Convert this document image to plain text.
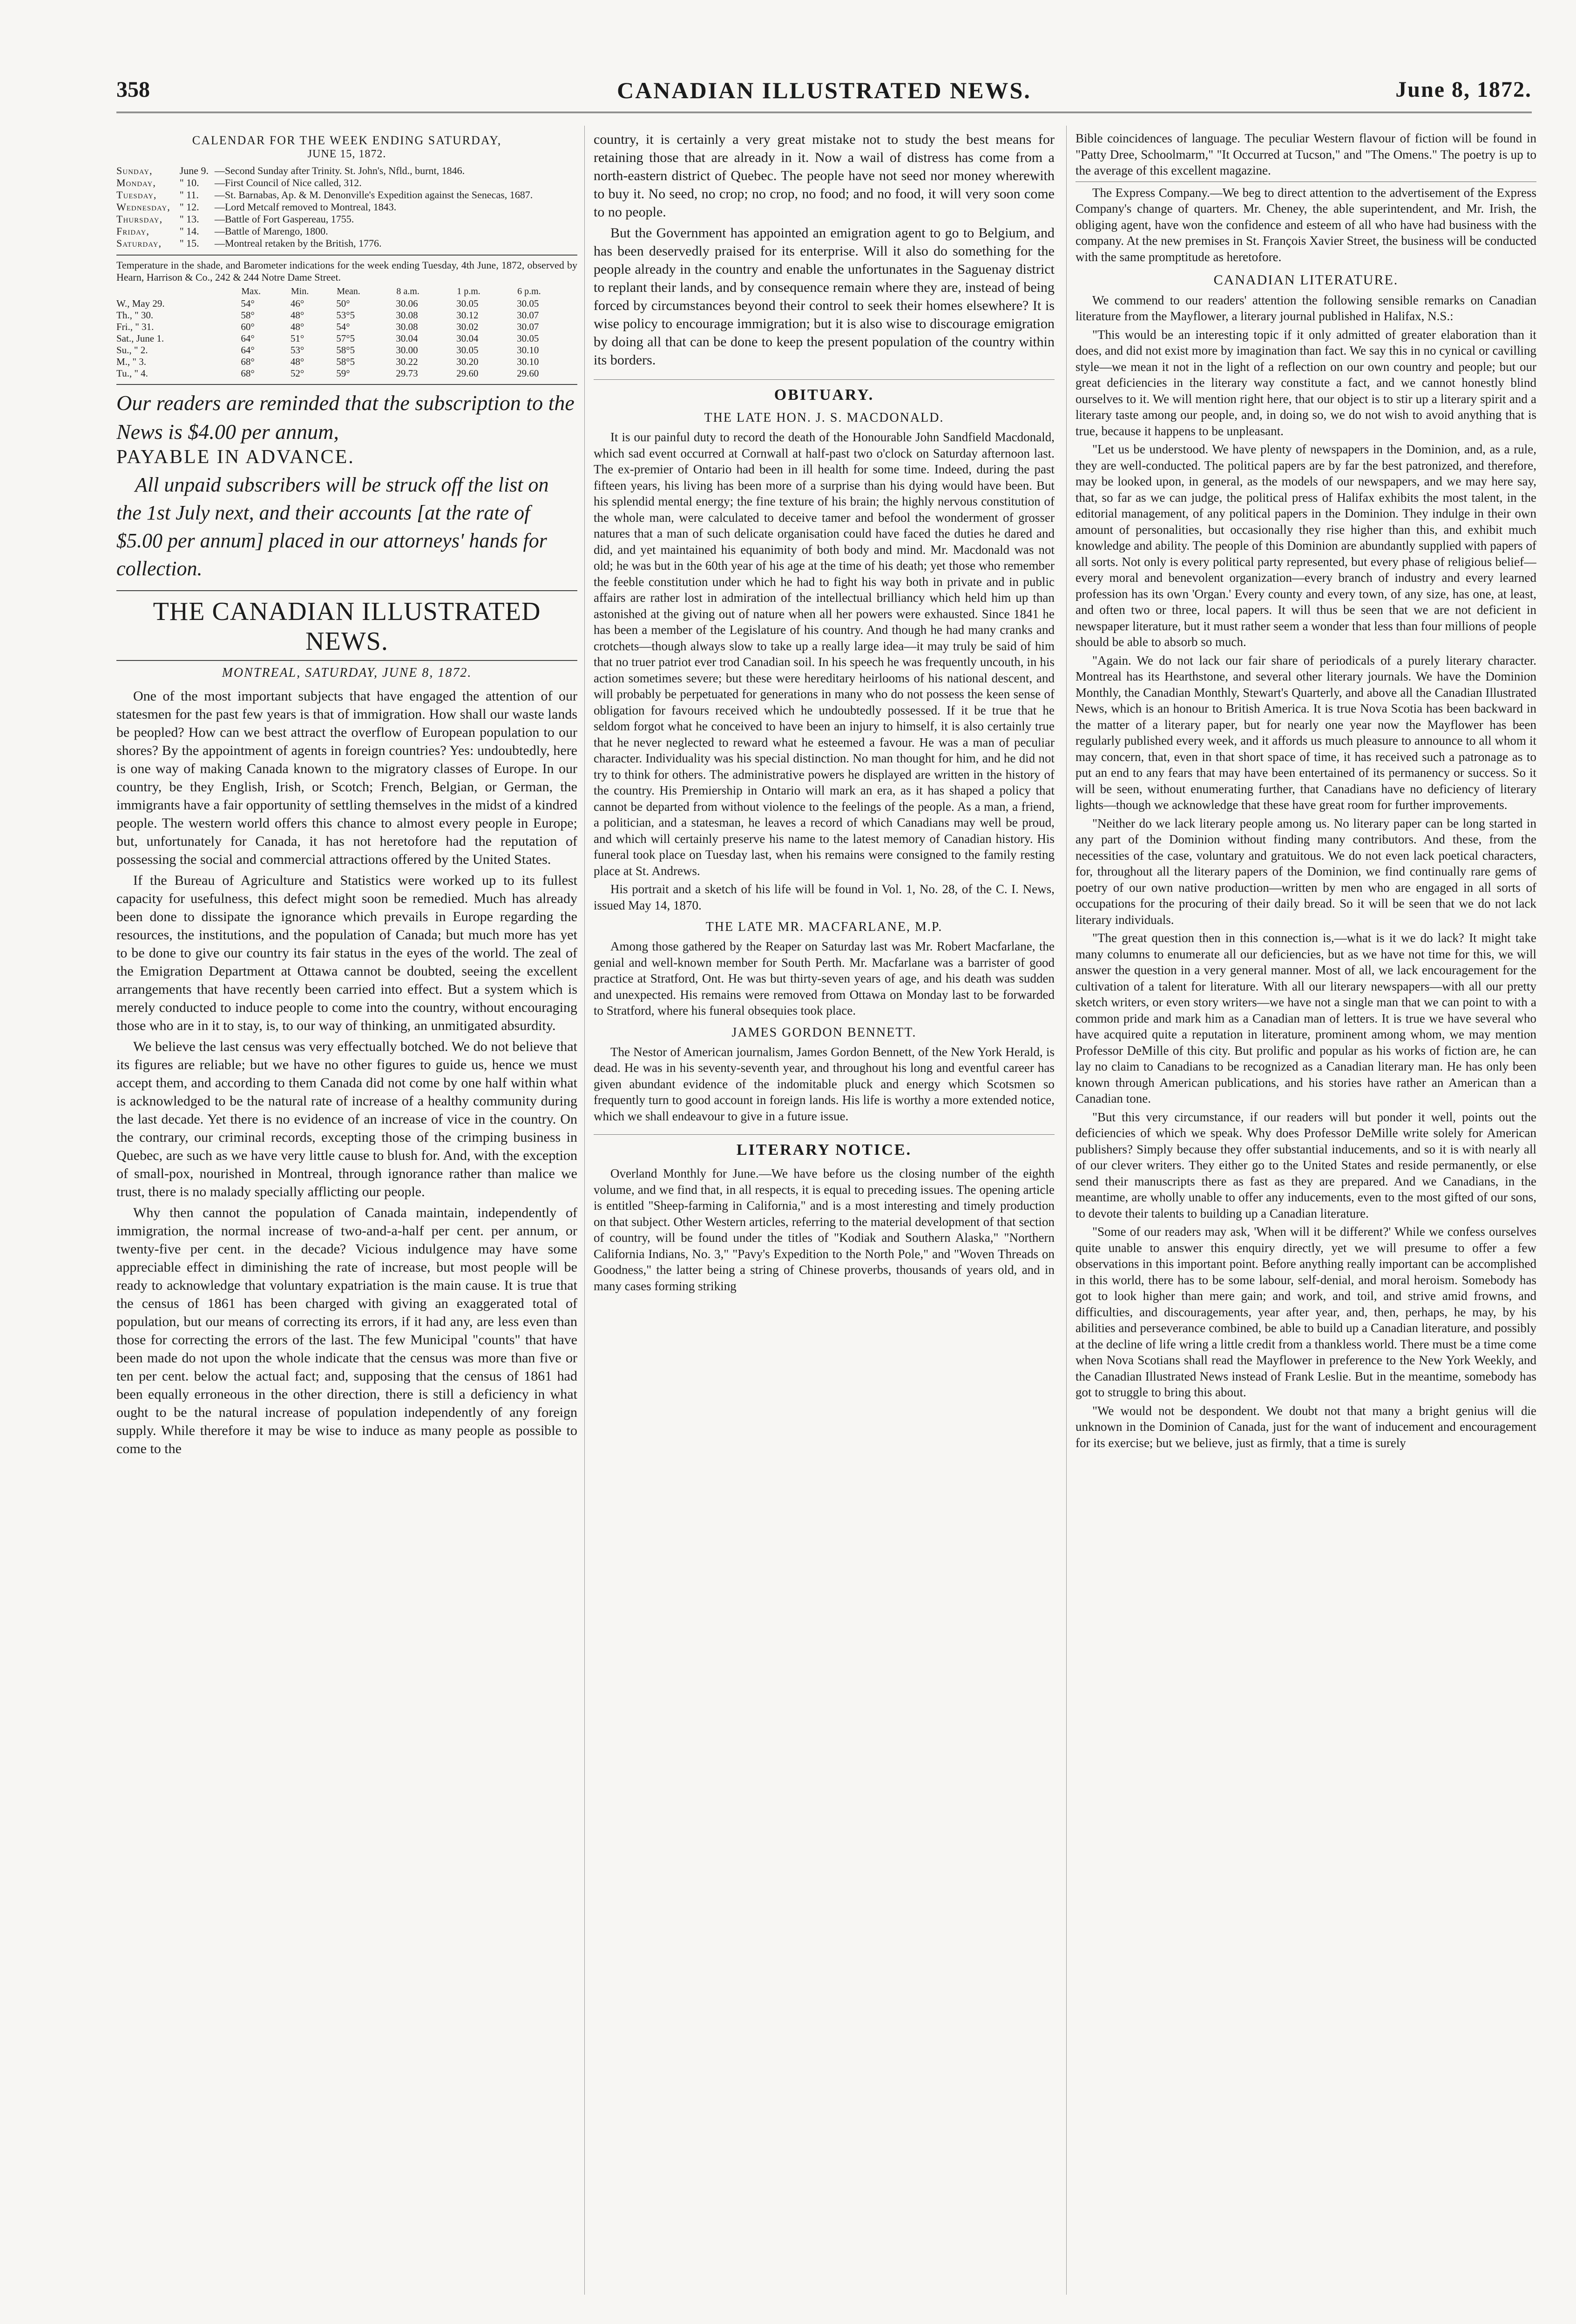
358	CANADIAN ILLUSTRATED NEWS.	June 8, 1872.
CALENDAR FOR THE WEEK ENDING SATURDAY,
JUNE 15, 1872.
Sunday,	June 9.	—Second Sunday after Trinity. St. John's, Nfld., burnt, 1846.
Monday,	" 10.	—First Council of Nice called, 312.
Tuesday,	" 11.	—St. Barnabas, Ap. & M. Denonville's Expedition against the Senecas, 1687.
Wednesday,	" 12.	—Lord Metcalf removed to Montreal, 1843.
Thursday,	" 13.	—Battle of Fort Gaspereau, 1755.
Friday,	" 14.	—Battle of Marengo, 1800.
Saturday,	" 15.	—Montreal retaken by the British, 1776.

Temperature in the shade, and Barometer indications for the week ending Tuesday, 4th June, 1872, observed by Hearn, Harrison & Co., 242 & 244 Notre Dame Street.

	Max.	Min.	Mean.	8 a.m.	1 p.m.	6 p.m.
W., May 29.	54°	46°	50°	30.06	30.05	30.05
Th., " 30.	58°	48°	53°5	30.08	30.12	30.07
Fri., " 31.	60°	48°	54°	30.08	30.02	30.07
Sat., June 1.	64°	51°	57°5	30.04	30.04	30.05
Su., " 2.	64°	53°	58°5	30.00	30.05	30.10
M., " 3.	68°	48°	58°5	30.22	30.20	30.10
Tu., " 4.	68°	52°	59°	29.73	29.60	29.60

Our readers are reminded that the subscription to the News is $4.00 per annum,

PAYABLE IN ADVANCE.

All unpaid subscribers will be struck off the list on the 1st July next, and their accounts [at the rate of $5.00 per annum] placed in our attorneys' hands for collection.

THE CANADIAN ILLUSTRATED NEWS.
MONTREAL, SATURDAY, JUNE 8, 1872.

One of the most important subjects that have engaged the attention of our statesmen for the past few years is that of immigration. How shall our waste lands be peopled? How can we best attract the overflow of European population to our shores? By the appointment of agents in foreign countries? Yes: undoubtedly, here is one way of making Canada known to the migratory classes of Europe. In our country, be they English, Irish, or Scotch; French, Belgian, or German, the immigrants have a fair opportunity of settling themselves in the midst of a kindred people. The western world offers this chance to almost every people in Europe; but, unfortunately for Canada, it has not heretofore had the reputation of possessing the social and commercial attractions offered by the United States.

If the Bureau of Agriculture and Statistics were worked up to its fullest capacity for usefulness, this defect might soon be remedied. Much has already been done to dissipate the ignorance which prevails in Europe regarding the resources, the institutions, and the population of Canada; but much more has yet to be done to give our country its fair status in the eyes of the world. The zeal of the Emigration Department at Ottawa cannot be doubted, seeing the excellent arrangements that have recently been carried into effect. But a system which is merely conducted to induce people to come into the country, without encouraging those who are in it to stay, is, to our way of thinking, an unmitigated absurdity.

We believe the last census was very effectually botched. We do not believe that its figures are reliable; but we have no other figures to guide us, hence we must accept them, and according to them Canada did not come by one half within what is acknowledged to be the natural rate of increase of a healthy community during the last decade. Yet there is no evidence of an increase of vice in the country. On the contrary, our criminal records, excepting those of the crimping business in Quebec, are such as we have very little cause to blush for. And, with the exception of small-pox, nourished in Montreal, through ignorance rather than malice we trust, there is no malady specially afflicting our people.

Why then cannot the population of Canada maintain, independently of immigration, the normal increase of two-and-a-half per cent. per annum, or twenty-five per cent. in the decade? Vicious indulgence may have some appreciable effect in diminishing the rate of increase, but most people will be ready to acknowledge that voluntary expatriation is the main cause. It is true that the census of 1861 has been charged with giving an exaggerated total of population, but our means of correcting its errors, if it had any, are less even than those for correcting the errors of the last. The few Municipal "counts" that have been made do not upon the whole indicate that the census was more than five or ten per cent. below the actual fact; and, supposing that the census of 1861 had been equally erroneous in the other direction, there is still a deficiency in what ought to be the natural increase of population independently of any foreign supply. While therefore it may be wise to induce as many people as possible to come to the

country, it is certainly a very great mistake not to study the best means for retaining those that are already in it. Now a wail of distress has come from a north-eastern district of Quebec. The people have not seed nor money wherewith to buy it. No seed, no crop; no crop, no food; and no food, it will very soon come to no people.

But the Government has appointed an emigration agent to go to Belgium, and has been deservedly praised for its enterprise. Will it also do something for the people already in the country and enable the unfortunates in the Saguenay district to replant their lands, and by consequence remain where they are, instead of being forced by circumstances beyond their control to seek their homes elsewhere? It is wise policy to encourage immigration; but it is also wise to discourage emigration by doing all that can be done to keep the present population of the country within its borders.

OBITUARY.
THE LATE HON. J. S. MACDONALD.

It is our painful duty to record the death of the Honourable John Sandfield Macdonald, which sad event occurred at Cornwall at half-past two o'clock on Saturday afternoon last. The ex-premier of Ontario had been in ill health for some time. Indeed, during the past fifteen years, his living has been more of a surprise than his dying would have been. But his splendid mental energy; the fine texture of his brain; the highly nervous constitution of the whole man, were calculated to deceive tamer and befool the wonderment of grosser natures that a man of such delicate organisation could have faced the duties he dared and did, and yet maintained his equanimity of both body and mind. Mr. Macdonald was not old; he was but in the 60th year of his age at the time of his death; yet those who remember the feeble constitution under which he had to fight his way both in private and in public affairs are rather lost in admiration of the intellectual brilliancy which held him up than astonished at the giving out of nature when all her powers were exhausted. Since 1841 he has been a member of the Legislature of his country. And though he had many cranks and crotchets—though always slow to take up a really large idea—it may truly be said of him that no truer patriot ever trod Canadian soil. In his speech he was frequently uncouth, in his action sometimes severe; but these were hereditary heirlooms of his national descent, and will probably be perpetuated for generations in many who do not possess the keen sense of obligation for favours received which he undoubtedly possessed. If it be true that he seldom forgot what he conceived to have been an injury to himself, it is also certainly true that he never neglected to reward what he esteemed a favour. He was a man of peculiar character. Individuality was his special distinction. No man thought for him, and he did not try to think for others. The administrative powers he displayed are written in the history of the country. His Premiership in Ontario will mark an era, as it has shaped a policy that cannot be departed from without violence to the feelings of the people. As a man, a friend, a politician, and a statesman, he leaves a record of which Canadians may well be proud, and which will certainly preserve his name to the latest memory of Canadian history. His funeral took place on Tuesday last, when his remains were consigned to the family resting place at St. Andrews.

His portrait and a sketch of his life will be found in Vol. 1, No. 28, of the C. I. News, issued May 14, 1870.

THE LATE MR. MACFARLANE, M.P.

Among those gathered by the Reaper on Saturday last was Mr. Robert Macfarlane, the genial and well-known member for South Perth. Mr. Macfarlane was a barrister of good practice at Stratford, Ont. He was but thirty-seven years of age, and his death was sudden and unexpected. His remains were removed from Ottawa on Monday last to be forwarded to Stratford, where his funeral obsequies took place.

JAMES GORDON BENNETT.

The Nestor of American journalism, James Gordon Bennett, of the New York Herald, is dead. He was in his seventy-seventh year, and throughout his long and eventful career has given abundant evidence of the indomitable pluck and energy which Scotsmen so frequently turn to good account in foreign lands. His life is worthy a more extended notice, which we shall endeavour to give in a future issue.

LITERARY NOTICE.

Overland Monthly for June.—We have before us the closing number of the eighth volume, and we find that, in all respects, it is equal to preceding issues. The opening article is entitled "Sheep-farming in California," and is a most interesting and timely production on that subject. Other Western articles, referring to the material development of that section of country, will be found under the titles of "Kodiak and Southern Alaska," "Northern California Indians, No. 3," "Pavy's Expedition to the North Pole," and "Woven Threads on Goodness," the latter being a string of Chinese proverbs, thousands of years old, and in many cases forming striking

Bible coincidences of language. The peculiar Western flavour of fiction will be found in "Patty Dree, Schoolmarm," "It Occurred at Tucson," and "The Omens." The poetry is up to the average of this excellent magazine.

The Express Company.—We beg to direct attention to the advertisement of the Express Company's change of quarters. Mr. Cheney, the able superintendent, and Mr. Irish, the obliging agent, have won the confidence and esteem of all who have had business with the company. At the new premises in St. François Xavier Street, the business will be conducted with the same promptitude as heretofore.

CANADIAN LITERATURE.

We commend to our readers' attention the following sensible remarks on Canadian literature from the Mayflower, a literary journal published in Halifax, N.S.:

"This would be an interesting topic if it only admitted of greater elaboration than it does, and did not exist more by imagination than fact. We say this in no cynical or cavilling style—we mean it not in the light of a reflection on our own country and people; but our great deficiencies in the literary way constitute a fact, and we cannot honestly blind ourselves to it. We will mention right here, that our object is to stir up a literary spirit and a literary taste among our people, and, in doing so, we do not wish to avoid anything that is true, because it happens to be unpleasant.

"Let us be understood. We have plenty of newspapers in the Dominion, and, as a rule, they are well-conducted. The political papers are by far the best patronized, and therefore, may be looked upon, in general, as the models of our newspapers, and we may here say, that, so far as we can judge, the political press of Halifax exhibits the most talent, in the editorial management, of any political papers in the Dominion. They indulge in their own amount of personalities, but occasionally they rise higher than this, and exhibit much knowledge and ability. The people of this Dominion are abundantly supplied with papers of all sorts. Not only is every political party represented, but every phase of religious belief—every moral and benevolent organization—every branch of industry and every learned profession has its own 'Organ.' Every county and every town, of any size, has one, at least, and often two or three, local papers. It will thus be seen that we are not deficient in newspaper literature, but it must rather seem a wonder that less than four millions of people should be able to absorb so much.

"Again. We do not lack our fair share of periodicals of a purely literary character. Montreal has its Hearthstone, and several other literary journals. We have the Dominion Monthly, the Canadian Monthly, Stewart's Quarterly, and above all the Canadian Illustrated News, which is an honour to British America. It is true Nova Scotia has been backward in the matter of a literary paper, but for nearly one year now the Mayflower has been regularly published every week, and it affords us much pleasure to announce to all whom it may concern, that, even in that short space of time, it has received such a patronage as to put an end to any fears that may have been entertained of its permanency or success. So it will be seen, without enumerating further, that Canadians have no deficiency of literary lights—though we acknowledge that these have great room for further improvements.

"Neither do we lack literary people among us. No literary paper can be long started in any part of the Dominion without finding many contributors. And these, from the necessities of the case, voluntary and gratuitous. We do not even lack poetical characters, for, throughout all the literary papers of the Dominion, we find continually rare gems of poetry of our own native production—written by men who are engaged in all sorts of occupations for the procuring of their daily bread. So it will be seen that we do not lack literary individuals.

"The great question then in this connection is,—what is it we do lack? It might take many columns to enumerate all our deficiencies, but as we have not time for this, we will answer the question in a very general manner. Most of all, we lack encouragement for the cultivation of a talent for literature. With all our literary newspapers—with all our pretty sketch writers, or even story writers—we have not a single man that we can point to with a common pride and mark him as a Canadian man of letters. It is true we have several who have acquired quite a reputation in literature, prominent among whom, we may mention Professor DeMille of this city. But prolific and popular as his works of fiction are, he can lay no claim to Canadians to be recognized as a Canadian literary man. He has only been known through American publications, and his stories have rather an American than a Canadian tone.

"But this very circumstance, if our readers will but ponder it well, points out the deficiencies of which we speak. Why does Professor DeMille write solely for American publishers? Simply because they offer substantial inducements, and so it is with nearly all of our clever writers. They either go to the United States and reside permanently, or else send their manuscripts there as fast as they are prepared. And we Canadians, in the meantime, are wholly unable to offer any inducements, even to the most gifted of our sons, to devote their talents to building up a Canadian literature.

"Some of our readers may ask, 'When will it be different?' While we confess ourselves quite unable to answer this enquiry directly, yet we will presume to offer a few observations in this important point. Before anything really important can be accomplished in this world, there has to be some labour, self-denial, and moral heroism. Somebody has got to look higher than mere gain; and work, and toil, and strive amid frowns, and difficulties, and discouragements, year after year, and, then, perhaps, he may, by his abilities and perseverance combined, be able to build up a Canadian literature, and possibly at the decline of life wring a little credit from a thankless world. There must be a time come when Nova Scotians shall read the Mayflower in preference to the New York Weekly, and the Canadian Illustrated News instead of Frank Leslie. But in the meantime, somebody has got to struggle to bring this about.

"We would not be despondent. We doubt not that many a bright genius will die unknown in the Dominion of Canada, just for the want of inducement and encouragement for its exercise; but we believe, just as firmly, that a time is surely
